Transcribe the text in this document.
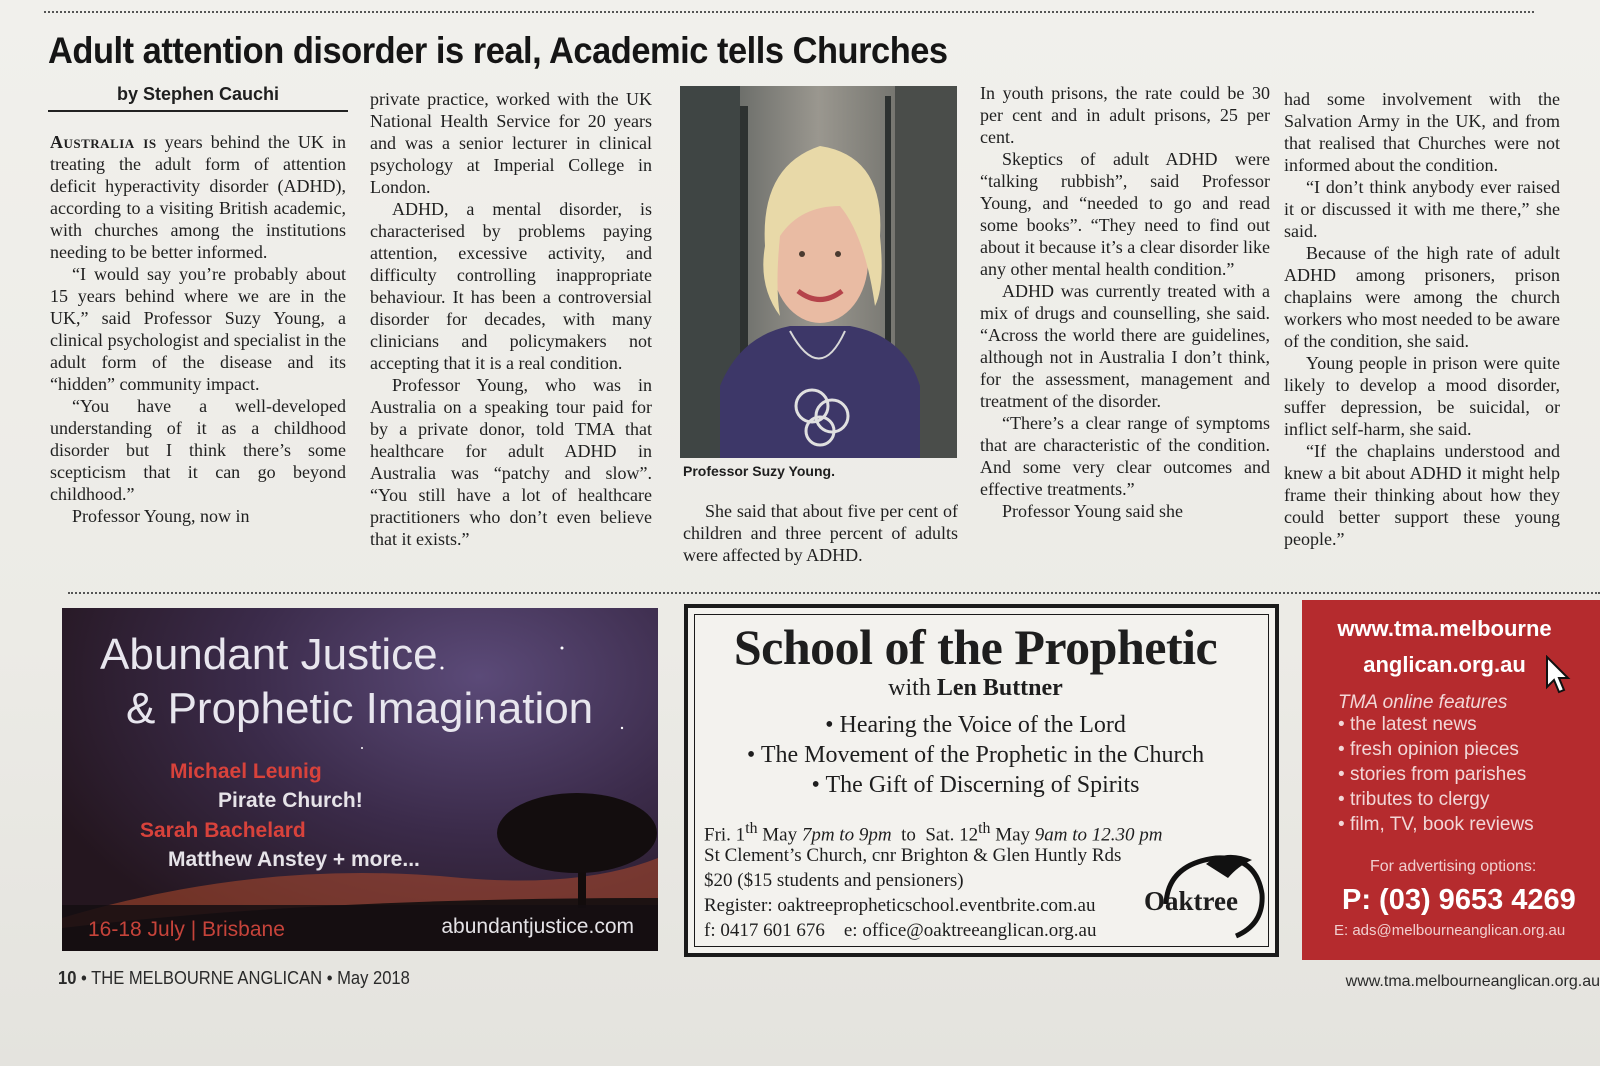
Adult attention disorder is real, Academic tells Churches
by Stephen Cauchi

Australia is years behind the UK in treating the adult form of attention deficit hyperactivity disorder (ADHD), according to a visiting British academic, with churches among the institutions needing to be better informed.

“I would say you’re probably about 15 years behind where we are in the UK,” said Professor Suzy Young, a clinical psychologist and specialist in the adult form of the disease and its “hidden” community impact.

“You have a well-developed understanding of it as a childhood disorder but I think there’s some scepticism that it can go beyond childhood.”

Professor Young, now in

private practice, worked with the UK National Health Service for 20 years and was a senior lecturer in clinical psychology at Imperial College in London.

ADHD, a mental disorder, is characterised by problems paying attention, excessive activity, and difficulty controlling inappropriate behaviour. It has been a controversial disorder for decades, with many clinicians and policymakers not accepting that it is a real condition.

Professor Young, who was in Australia on a speaking tour paid for by a private donor, told TMA that healthcare for adult ADHD in Australia was “patchy and slow”. “You still have a lot of healthcare practitioners who don’t even believe that it exists.”

Professor Suzy Young.

She said that about five per cent of children and three percent of adults were affected by ADHD.

In youth prisons, the rate could be 30 per cent and in adult prisons, 25 per cent.

Skeptics of adult ADHD were “talking rubbish”, said Professor Young, and “needed to go and read some books”. “They need to find out about it because it’s a clear disorder like any other mental health condition.”

ADHD was currently treated with a mix of drugs and counselling, she said. “Across the world there are guidelines, although not in Australia I don’t think, for the assessment, management and treatment of the disorder.

“There’s a clear range of symptoms that are characteristic of the condition. And some very clear outcomes and effective treatments.”

Professor Young said she

had some involvement with the Salvation Army in the UK, and from that realised that Churches were not informed about the condition.

“I don’t think anybody ever raised it or discussed it with me there,” she said.

Because of the high rate of adult ADHD among prisoners, prison chaplains were among the church workers who most needed to be aware of the condition, she said.

Young people in prison were quite likely to develop a mood disorder, suffer depression, be suicidal, or inflict self-harm, she said.

“If the chaplains understood and knew a bit about ADHD it might help frame their thinking about how they could better support these young people.”

Abundant Justice
& Prophetic Imagination
Michael Leunig
Pirate Church!
Sarah Bachelard
Matthew Anstey + more...
16-18 July | Brisbane	abundantjustice.com
School of the Prophetic
with Len Buttner
• Hearing the Voice of the Lord
• The Movement of the Prophetic in the Church
• The Gift of Discerning of Spirits
Fri. 1th May 7pm to 9pm  to  Sat. 12th May 9am to 12.30 pm
St Clement’s Church, cnr Brighton & Glen Huntly Rds
$20 ($15 students and pensioners)
Register: oaktreepropheticschool.eventbrite.com.au
f: 0417 601 676    e: office@oaktreeanglican.org.au
Oaktree
www.tma.melbourne
anglican.org.au
TMA online features
• the latest news
• fresh opinion pieces
• stories from parishes
• tributes to clergy
• film, TV, book reviews
For advertising options:
P: (03) 9653 4269
E: ads@melbourneanglican.org.au
10 • THE MELBOURNE ANGLICAN • May 2018	www.tma.melbourneanglican.org.au
